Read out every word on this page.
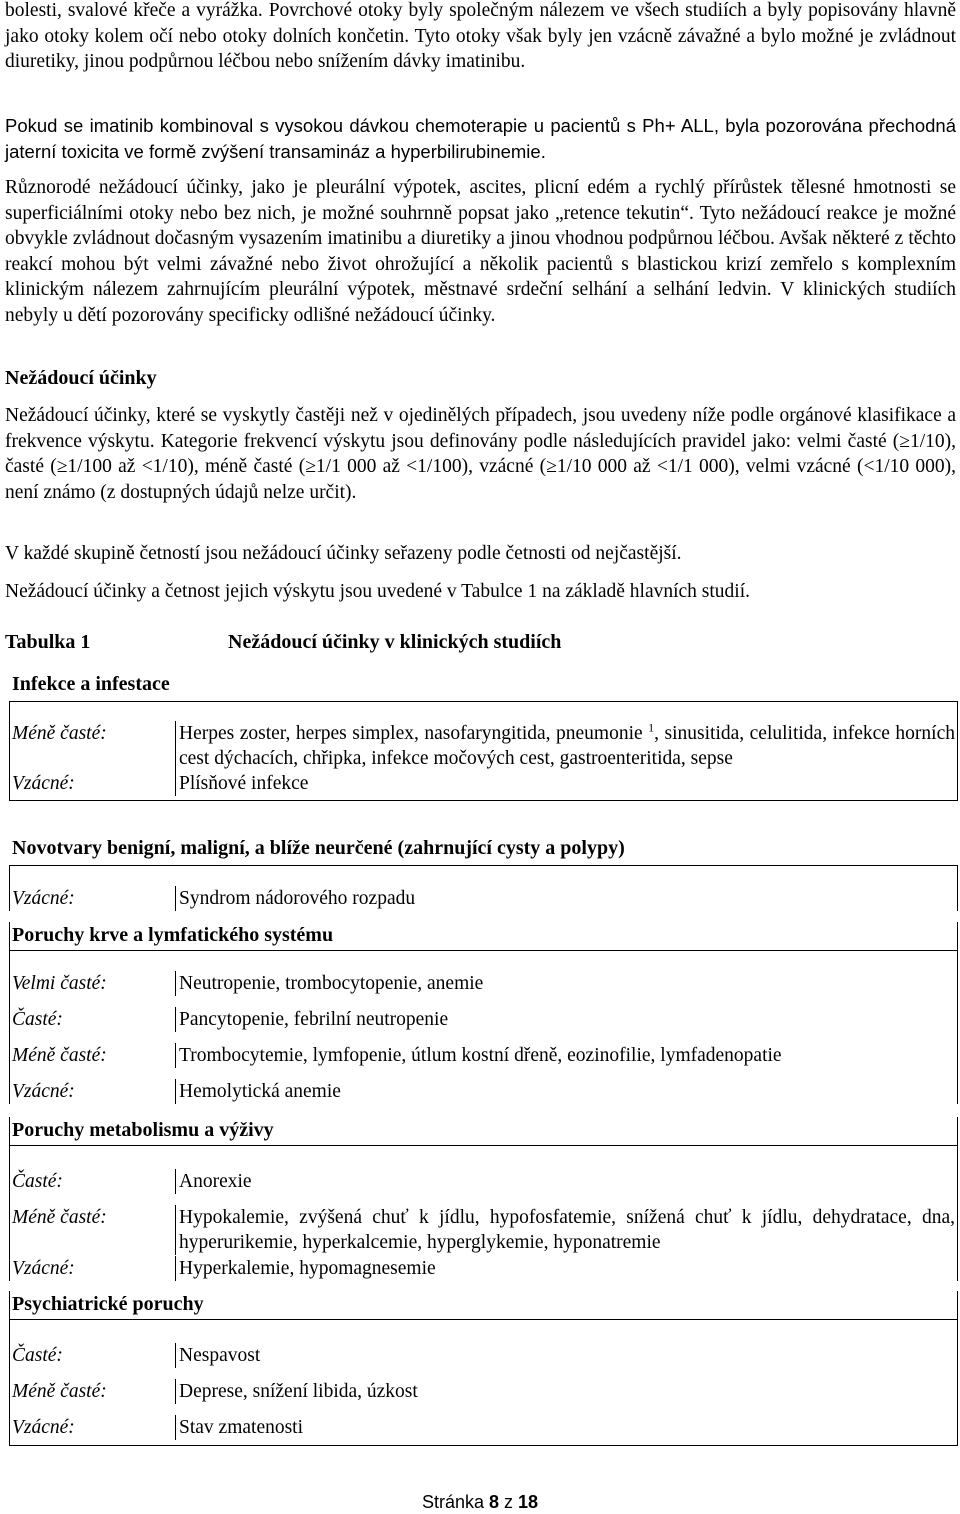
bolesti, svalové křeče a vyrážka. Povrchové otoky byly společným nálezem ve všech studiích a byly popisovány hlavně jako otoky kolem očí nebo otoky dolních končetin. Tyto otoky však byly jen vzácně závažné a bylo možné je zvládnout diuretiky, jinou podpůrnou léčbou nebo snížením dávky imatinibu.

Pokud se imatinib kombinoval s vysokou dávkou chemoterapie u pacientů s Ph+ ALL, byla pozorována přechodná jaterní toxicita ve formě zvýšení transamináz a hyperbilirubinemie.

Různorodé nežádoucí účinky, jako je pleurální výpotek, ascites, plicní edém a rychlý přírůstek tělesné hmotnosti se superficiálními otoky nebo bez nich, je možné souhrnně popsat jako „retence tekutin“. Tyto nežádoucí reakce je možné obvykle zvládnout dočasným vysazením imatinibu a diuretiky a jinou vhodnou podpůrnou léčbou. Avšak některé z těchto reakcí mohou být velmi závažné nebo život ohrožující a několik pacientů s blastickou krizí zemřelo s komplexním klinickým nálezem zahrnujícím pleurální výpotek, městnavé srdeční selhání a selhání ledvin. V klinických studiích nebyly u dětí pozorovány specificky odlišné nežádoucí účinky.

Nežádoucí účinky

Nežádoucí účinky, které se vyskytly častěji než v ojedinělých případech, jsou uvedeny níže podle orgánové klasifikace a frekvence výskytu. Kategorie frekvencí výskytu jsou definovány podle následujících pravidel jako: velmi časté (≥1/10), časté (≥1/100 až <1/10), méně časté (≥1/1 000 až <1/100), vzácné (≥1/10 000 až <1/1 000), velmi vzácné (<1/10 000), není známo (z dostupných údajů nelze určit).

V každé skupině četností jsou nežádoucí účinky seřazeny podle četnosti od nejčastější.

Nežádoucí účinky a četnost jejich výskytu jsou uvedené v Tabulce 1 na základě hlavních studií.

Tabulka 1	Nežádoucí účinky v klinických studiích
Infekce a infestace
Méně časté:	Herpes zoster, herpes simplex, nasofaryngitida, pneumonie $^1$, sinusitida, celulitida, infekce horních cest dýchacích, chřipka, infekce močových cest, gastroenteritida, sepse
Vzácné:	Plísňové infekce
Novotvary benigní, maligní, a blíže neurčené (zahrnující cysty a polypy)
Vzácné:	Syndrom nádorového rozpadu
Poruchy krve a lymfatického systému
Velmi časté:	Neutropenie, trombocytopenie, anemie
Časté:	Pancytopenie, febrilní neutropenie
Méně časté:	Trombocytemie, lymfopenie, útlum kostní dřeně, eozinofilie, lymfadenopatie
Vzácné:	Hemolytická anemie
Poruchy metabolismu a výživy
Časté:	Anorexie
Méně časté:	Hypokalemie, zvýšená chuť k jídlu, hypofosfatemie, snížená chuť k jídlu, dehydratace, dna, hyperurikemie, hyperkalcemie, hyperglykemie, hyponatremie
Vzácné:	Hyperkalemie, hypomagnesemie
Psychiatrické poruchy
Časté:	Nespavost
Méně časté:	Deprese, snížení libida, úzkost
Vzácné:	Stav zmatenosti
Stránka 8 z 18
